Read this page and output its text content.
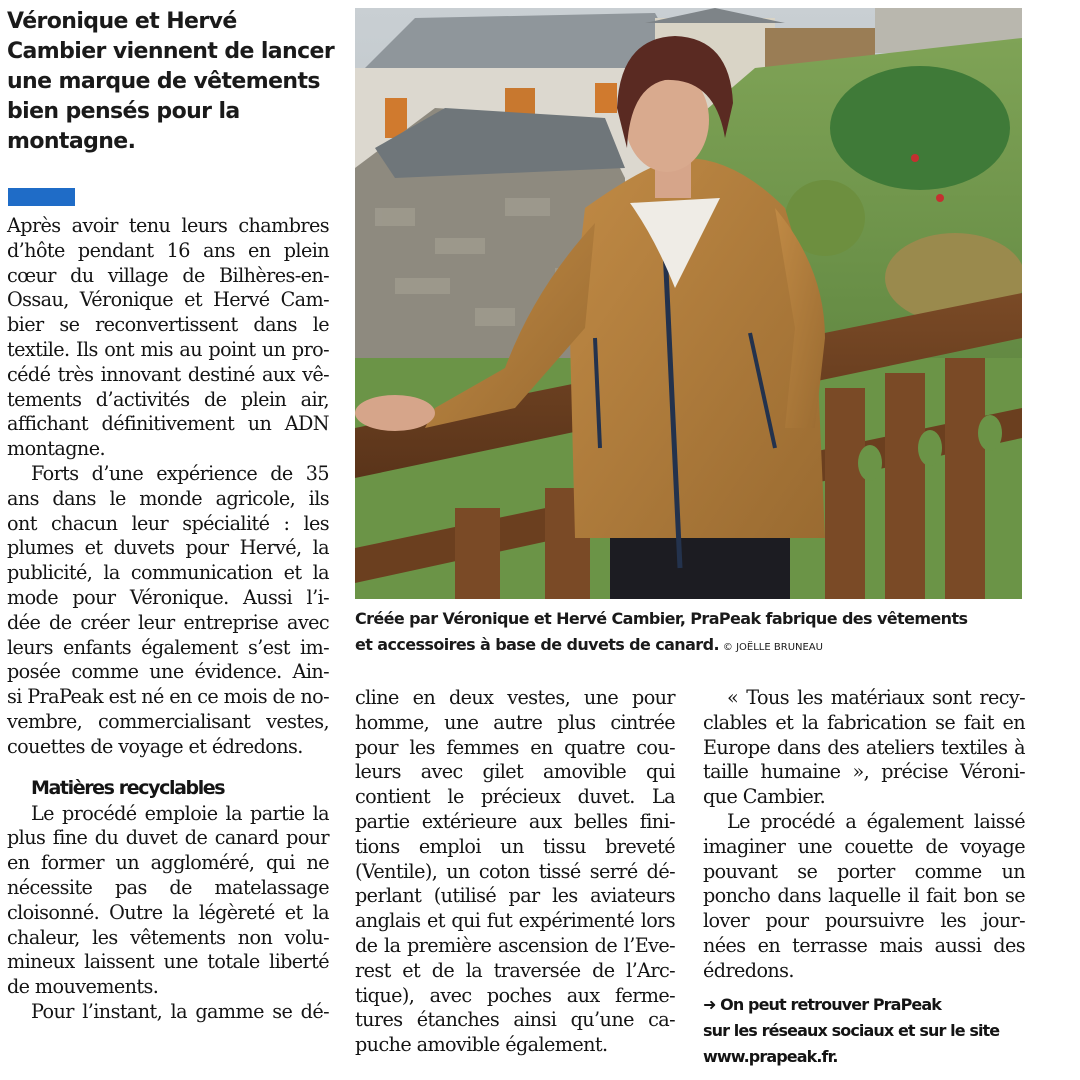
Véronique et Hervé
Cambier viennent de lancer
une marque de vêtements
bien pensés pour la
montagne.
Après avoir tenu leurs chambres
d’hôte pendant 16 ans en plein
cœur du village de Bilhères-en-
Ossau, Véronique et Hervé Cam-
bier se reconvertissent dans le
textile. Ils ont mis au point un pro-
cédé très innovant destiné aux vê-
tements d’activités de plein air,
affichant définitivement un ADN
montagne.
Forts d’une expérience de 35
ans dans le monde agricole, ils
ont chacun leur spécialité : les
plumes et duvets pour Hervé, la
publicité, la communication et la
mode pour Véronique. Aussi l’i-
dée de créer leur entreprise avec
leurs enfants également s’est im-
posée comme une évidence. Ain-
si PraPeak est né en ce mois de no-
vembre, commercialisant vestes,
couettes de voyage et édredons.
Matières recyclables
Le procédé emploie la partie la
plus fine du duvet de canard pour
en former un aggloméré, qui ne
nécessite pas de matelassage
cloisonné. Outre la légèreté et la
chaleur, les vêtements non volu-
mineux laissent une totale liberté
de mouvements.
Pour l’instant, la gamme se dé-
Créée par Véronique et Hervé Cambier, PraPeak fabrique des vêtements
et accessoires à base de duvets de canard. © JOËLLE BRUNEAU
cline en deux vestes, une pour
homme, une autre plus cintrée
pour les femmes en quatre cou-
leurs avec gilet amovible qui
contient le précieux duvet. La
partie extérieure aux belles fini-
tions emploi un tissu breveté
(Ventile), un coton tissé serré dé-
perlant (utilisé par les aviateurs
anglais et qui fut expérimenté lors
de la première ascension de l’Eve-
rest et de la traversée de l’Arc-
tique), avec poches aux ferme-
tures étanches ainsi qu’une ca-
puche amovible également.
« Tous les matériaux sont recy-
clables et la fabrication se fait en
Europe dans des ateliers textiles à
taille humaine », précise Véroni-
que Cambier.
Le procédé a également laissé
imaginer une couette de voyage
pouvant se porter comme un
poncho dans laquelle il fait bon se
lover pour poursuivre les jour-
nées en terrasse mais aussi des
édredons.
➜ On peut retrouver PraPeak
sur les réseaux sociaux et sur le site
www.prapeak.fr.
